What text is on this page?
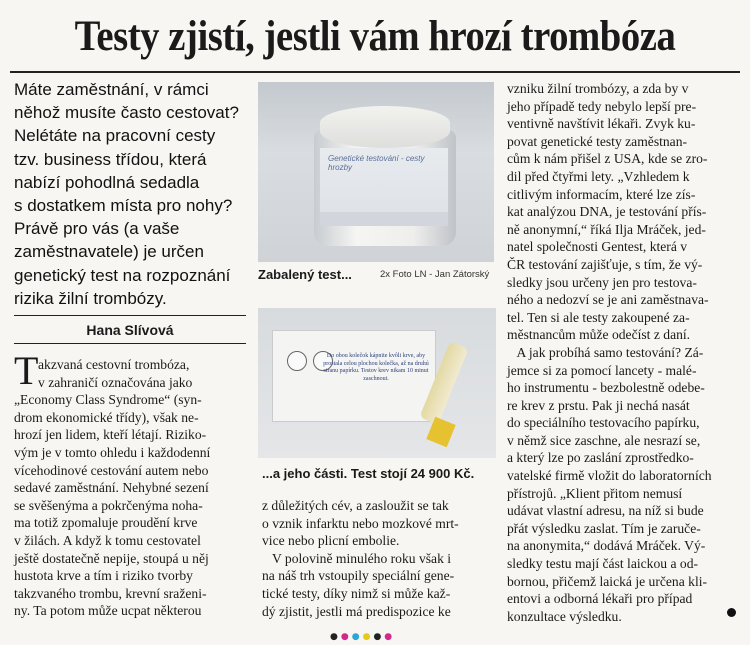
Testy zjistí, jestli vám hrozí trombóza
Máte zaměstnání, v rámci
něhož musíte často cestovat?
Nelétáte na pracovní cesty
tzv. business třídou, která
nabízí pohodlná sedadla
s dostatkem místa pro nohy?
Právě pro vás (a vaše
zaměstnavatele) je určen
genetický test na rozpoznání
rizika žilní trombózy.
Hana Slívová
T akzvaná cestovní trombóza,
v zahraničí označována jako
„Economy Class Syndrome“ (syn-
drom ekonomické třídy), však ne-
hrozí jen lidem, kteří létají. Riziko-
vým je v tomto ohledu i každodenní
vícehodinové cestování autem nebo
sedavé zaměstnání. Nehybné sezení
se svěšenýma a pokrčenýma noha-
ma totiž zpomaluje proudění krve
v žilách. A když k tomu cestovatel
ještě dostatečně nepije, stoupá u něj
hustota krve a tím i riziko tvorby
takzvaného trombu, krevní sraženi-
ny. Ta potom může ucpat některou
Genetické testování - cesty hrozby
Zabalený test...	2x Foto LN - Jan Zátorský
Do obou kolečok kápnite kvôli krve, aby prostala celou plochou kolečka, až na druhú stranu papírku. Testov krev nikam 10 minut zaschnout.
...a jeho části. Test stojí 24 900 Kč.
z důležitých cév, a zasloužit se tak
o vznik infarktu nebo mozkové mrt-
vice nebo plicní embolie.
V polovině minulého roku však i
na náš trh vstoupily speciální gene-
tické testy, díky nimž si může kaž-
dý zjistit, jestli má predispozice ke
vzniku žilní trombózy, a zda by v
jeho případě tedy nebylo lepší pre-
ventivně navštívit lékaři. Zvyk ku-
povat genetické testy zaměstnan-
cům k nám přišel z USA, kde se zro-
dil před čtyřmi lety. „Vzhledem k
citlivým informacím, které lze zís-
kat analýzou DNA, je testování přís-
ně anonymní,“ říká Ilja Mráček, jed-
natel společnosti Gentest, která v
ČR testování zajišťuje, s tím, že vý-
sledky jsou určeny jen pro testova-
ného a nedozví se je ani zaměstnava-
tel. Ten si ale testy zakoupené za-
městnancům může odečíst z daní.
A jak probíhá samo testování? Zá-
jemce si za pomocí lancety - malé-
ho instrumentu - bezbolestně odebe-
re krev z prstu. Pak ji nechá nasát
do speciálního testovacího papírku,
v němž sice zaschne, ale nesrazí se,
a který lze po zaslání zprostředko-
vatelské firmě vložit do laboratorních
přístrojů. „Klient přitom nemusí
udávat vlastní adresu, na níž si bude
přát výsledku zaslat. Tím je zaruče-
na anonymita,“ dodává Mráček. Vý-
sledky testu mají část laickou a od-
bornou, přičemž laická je určena kli-
entovi a odborná lékaři pro případ
konzultace výsledku.
●●●●●●
